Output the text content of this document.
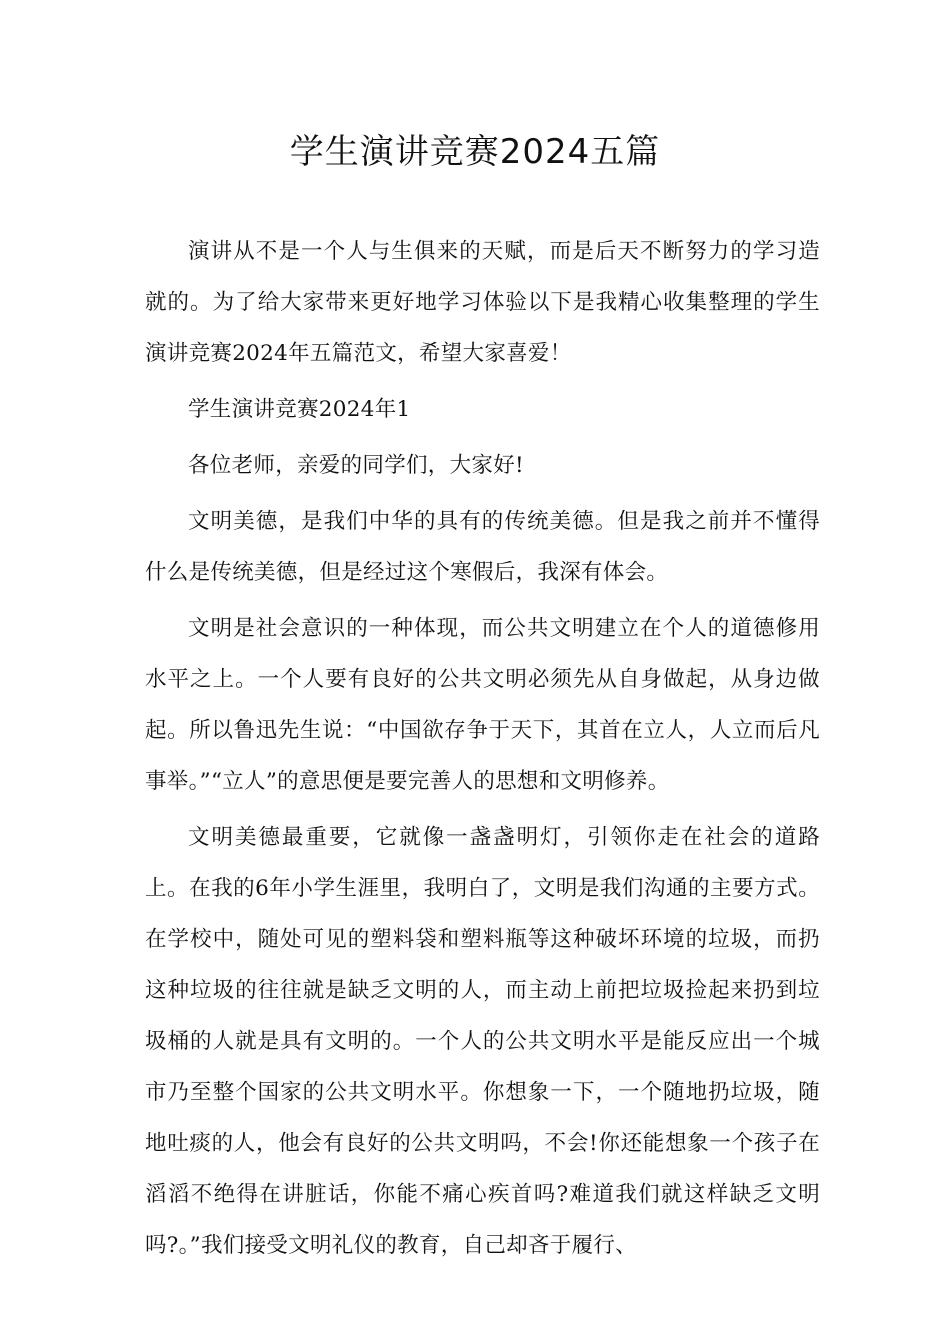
学生演讲竞赛2024五篇

演讲从不是一个人与生俱来的天赋，而是后天不断努力的学习造就的。为了给大家带来更好地学习体验以下是我精心收集整理的学生演讲竞赛2024年五篇范文，希望大家喜爱！

学生演讲竞赛2024年1

各位老师，亲爱的同学们，大家好!

文明美德，是我们中华的具有的传统美德。但是我之前并不懂得什么是传统美德，但是经过这个寒假后，我深有体会。

文明是社会意识的一种体现，而公共文明建立在个人的道德修用水平之上。一个人要有良好的公共文明必须先从自身做起，从身边做起。所以鲁迅先生说：“中国欲存争于天下，其首在立人，人立而后凡事举。”“立人”的意思便是要完善人的思想和文明修养。

文明美德最重要，它就像一盏盏明灯，引领你走在社会的道路上。在我的6年小学生涯里，我明白了，文明是我们沟通的主要方式。在学校中，随处可见的塑料袋和塑料瓶等这种破坏环境的垃圾，而扔这种垃圾的往往就是缺乏文明的人，而主动上前把垃圾捡起来扔到垃圾桶的人就是具有文明的。一个人的公共文明水平是能反应出一个城市乃至整个国家的公共文明水平。你想象一下，一个随地扔垃圾，随地吐痰的人，他会有良好的公共文明吗，不会!你还能想象一个孩子在滔滔不绝得在讲脏话，你能不痛心疾首吗?难道我们就这样缺乏文明吗?。”我们接受文明礼仪的教育，自己却吝于履行、
